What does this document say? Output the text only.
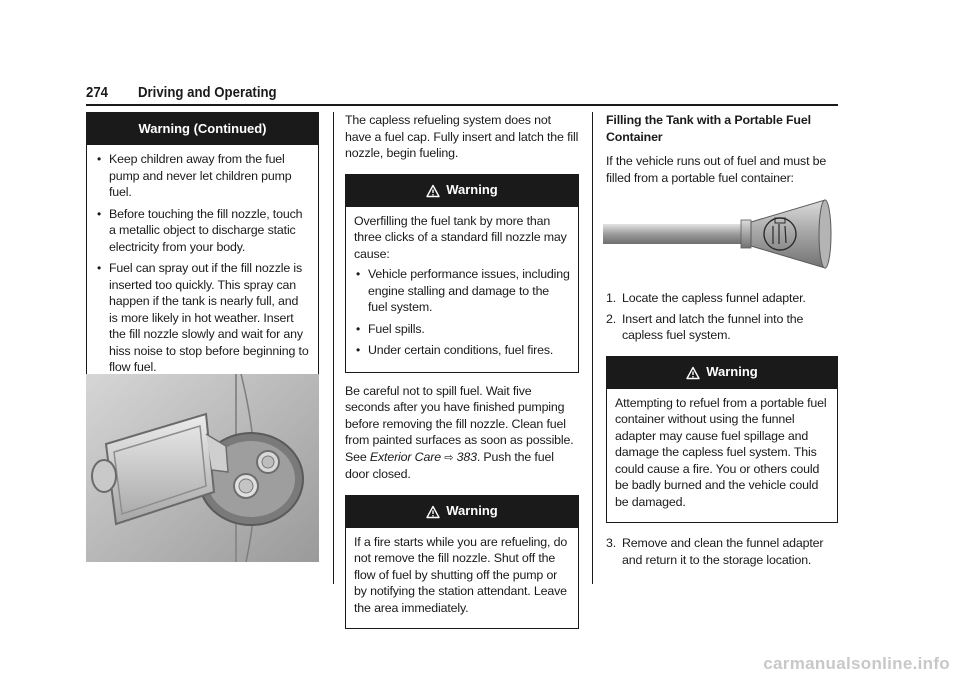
274 Driving and Operating
Warning (Continued)
• Keep children away from the fuel pump and never let children pump fuel.
• Before touching the fill nozzle, touch a metallic object to discharge static electricity from your body.
• Fuel can spray out if the fill nozzle is inserted too quickly. This spray can happen if the tank is nearly full, and is more likely in hot weather. Insert the fill nozzle slowly and wait for any hiss noise to stop before beginning to flow fuel.

The capless refueling system does not have a fuel cap. Fully insert and latch the fill nozzle, begin fueling.

Warning

Overfilling the fuel tank by more than three clicks of a standard fill nozzle may cause:

• Vehicle performance issues, including engine stalling and damage to the fuel system.
• Fuel spills.
• Under certain conditions, fuel fires.

Be careful not to spill fuel. Wait five seconds after you have finished pumping before removing the fill nozzle. Clean fuel from painted surfaces as soon as possible. See Exterior Care ⇨ 383. Push the fuel door closed.

Warning

If a fire starts while you are refueling, do not remove the fill nozzle. Shut off the flow of fuel by shutting off the pump or by notifying the station attendant. Leave the area immediately.

Filling the Tank with a Portable Fuel Container

If the vehicle runs out of fuel and must be filled from a portable fuel container:

1. Locate the capless funnel adapter.
2. Insert and latch the funnel into the capless fuel system.
Warning

Attempting to refuel from a portable fuel container without using the funnel adapter may cause fuel spillage and damage the capless fuel system. This could cause a fire. You or others could be badly burned and the vehicle could be damaged.

3. Remove and clean the funnel adapter and return it to the storage location.
carmanualsonline.info
